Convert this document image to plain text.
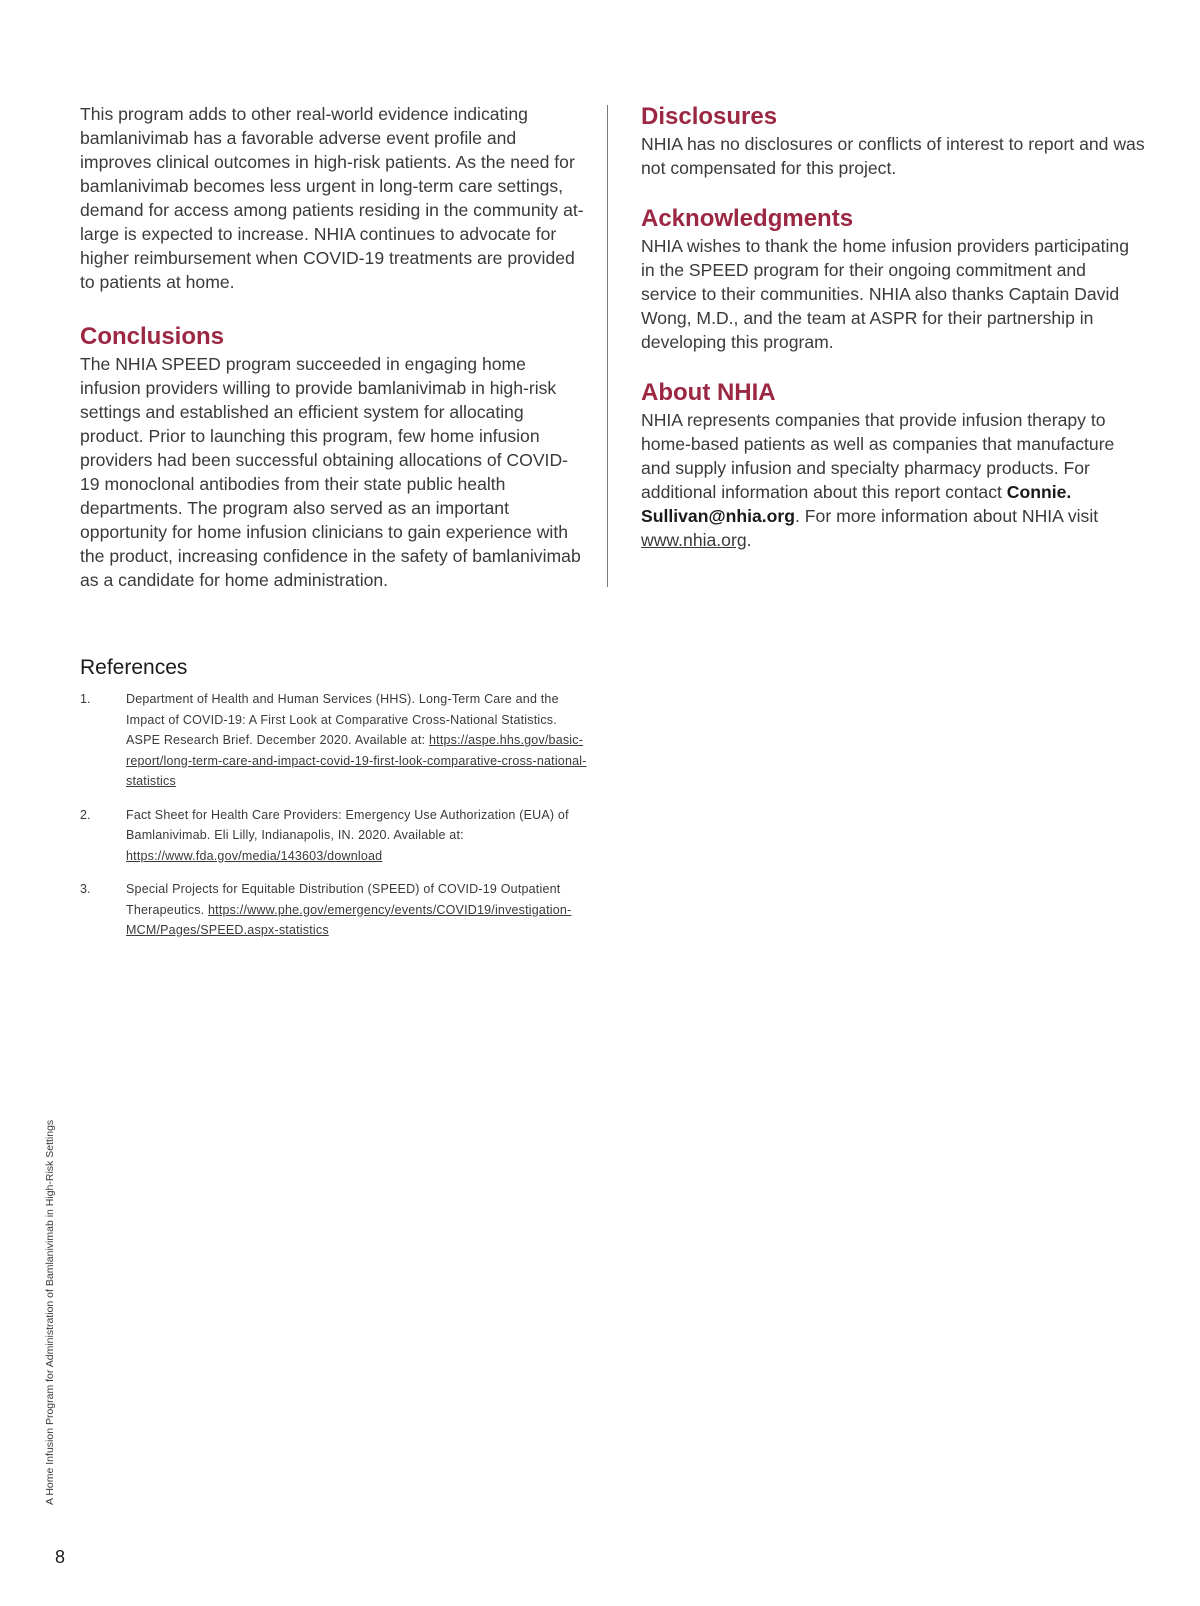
This program adds to other real-world evidence indicating bamlanivimab has a favorable adverse event profile and improves clinical outcomes in high-risk patients. As the need for bamlanivimab becomes less urgent in long-term care settings, demand for access among patients residing in the community at-large is expected to increase. NHIA continues to advocate for higher reimbursement when COVID-19 treatments are provided to patients at home.

Conclusions

The NHIA SPEED program succeeded in engaging home infusion providers willing to provide bamlanivimab in high-risk settings and established an efficient system for allocating product. Prior to launching this program, few home infusion providers had been successful obtaining allocations of COVID-19 monoclonal antibodies from their state public health departments. The program also served as an important opportunity for home infusion clinicians to gain experience with the product, increasing confidence in the safety of bamlanivimab as a candidate for home administration.

Disclosures

NHIA has no disclosures or conflicts of interest to report and was not compensated for this project.

Acknowledgments

NHIA wishes to thank the home infusion providers participating in the SPEED program for their ongoing commitment and service to their communities. NHIA also thanks Captain David Wong, M.D., and the team at ASPR for their partnership in developing this program.

About NHIA

NHIA represents companies that provide infusion therapy to home-based patients as well as companies that manufacture and supply infusion and specialty pharmacy products. For additional information about this report contact Connie. Sullivan@nhia.org. For more information about NHIA visit www.nhia.org.

References
1.	Department of Health and Human Services (HHS). Long-Term Care and the Impact of COVID-19: A First Look at Comparative Cross-National Statistics. ASPE Research Brief. December 2020. Available at: https://aspe.hhs.gov/basic-report/long-term-care-and-impact-covid-19-first-look-comparative-cross-national-statistics
2.	Fact Sheet for Health Care Providers: Emergency Use Authorization (EUA) of Bamlanivimab. Eli Lilly, Indianapolis, IN. 2020. Available at: https://www.fda.gov/media/143603/download
3.	Special Projects for Equitable Distribution (SPEED) of COVID-19 Outpatient Therapeutics. https://www.phe.gov/emergency/events/COVID19/investigation-MCM/Pages/SPEED.aspx-statistics
A Home Infusion Program for Administration of Bamlanivimab in High-Risk Settings
8
